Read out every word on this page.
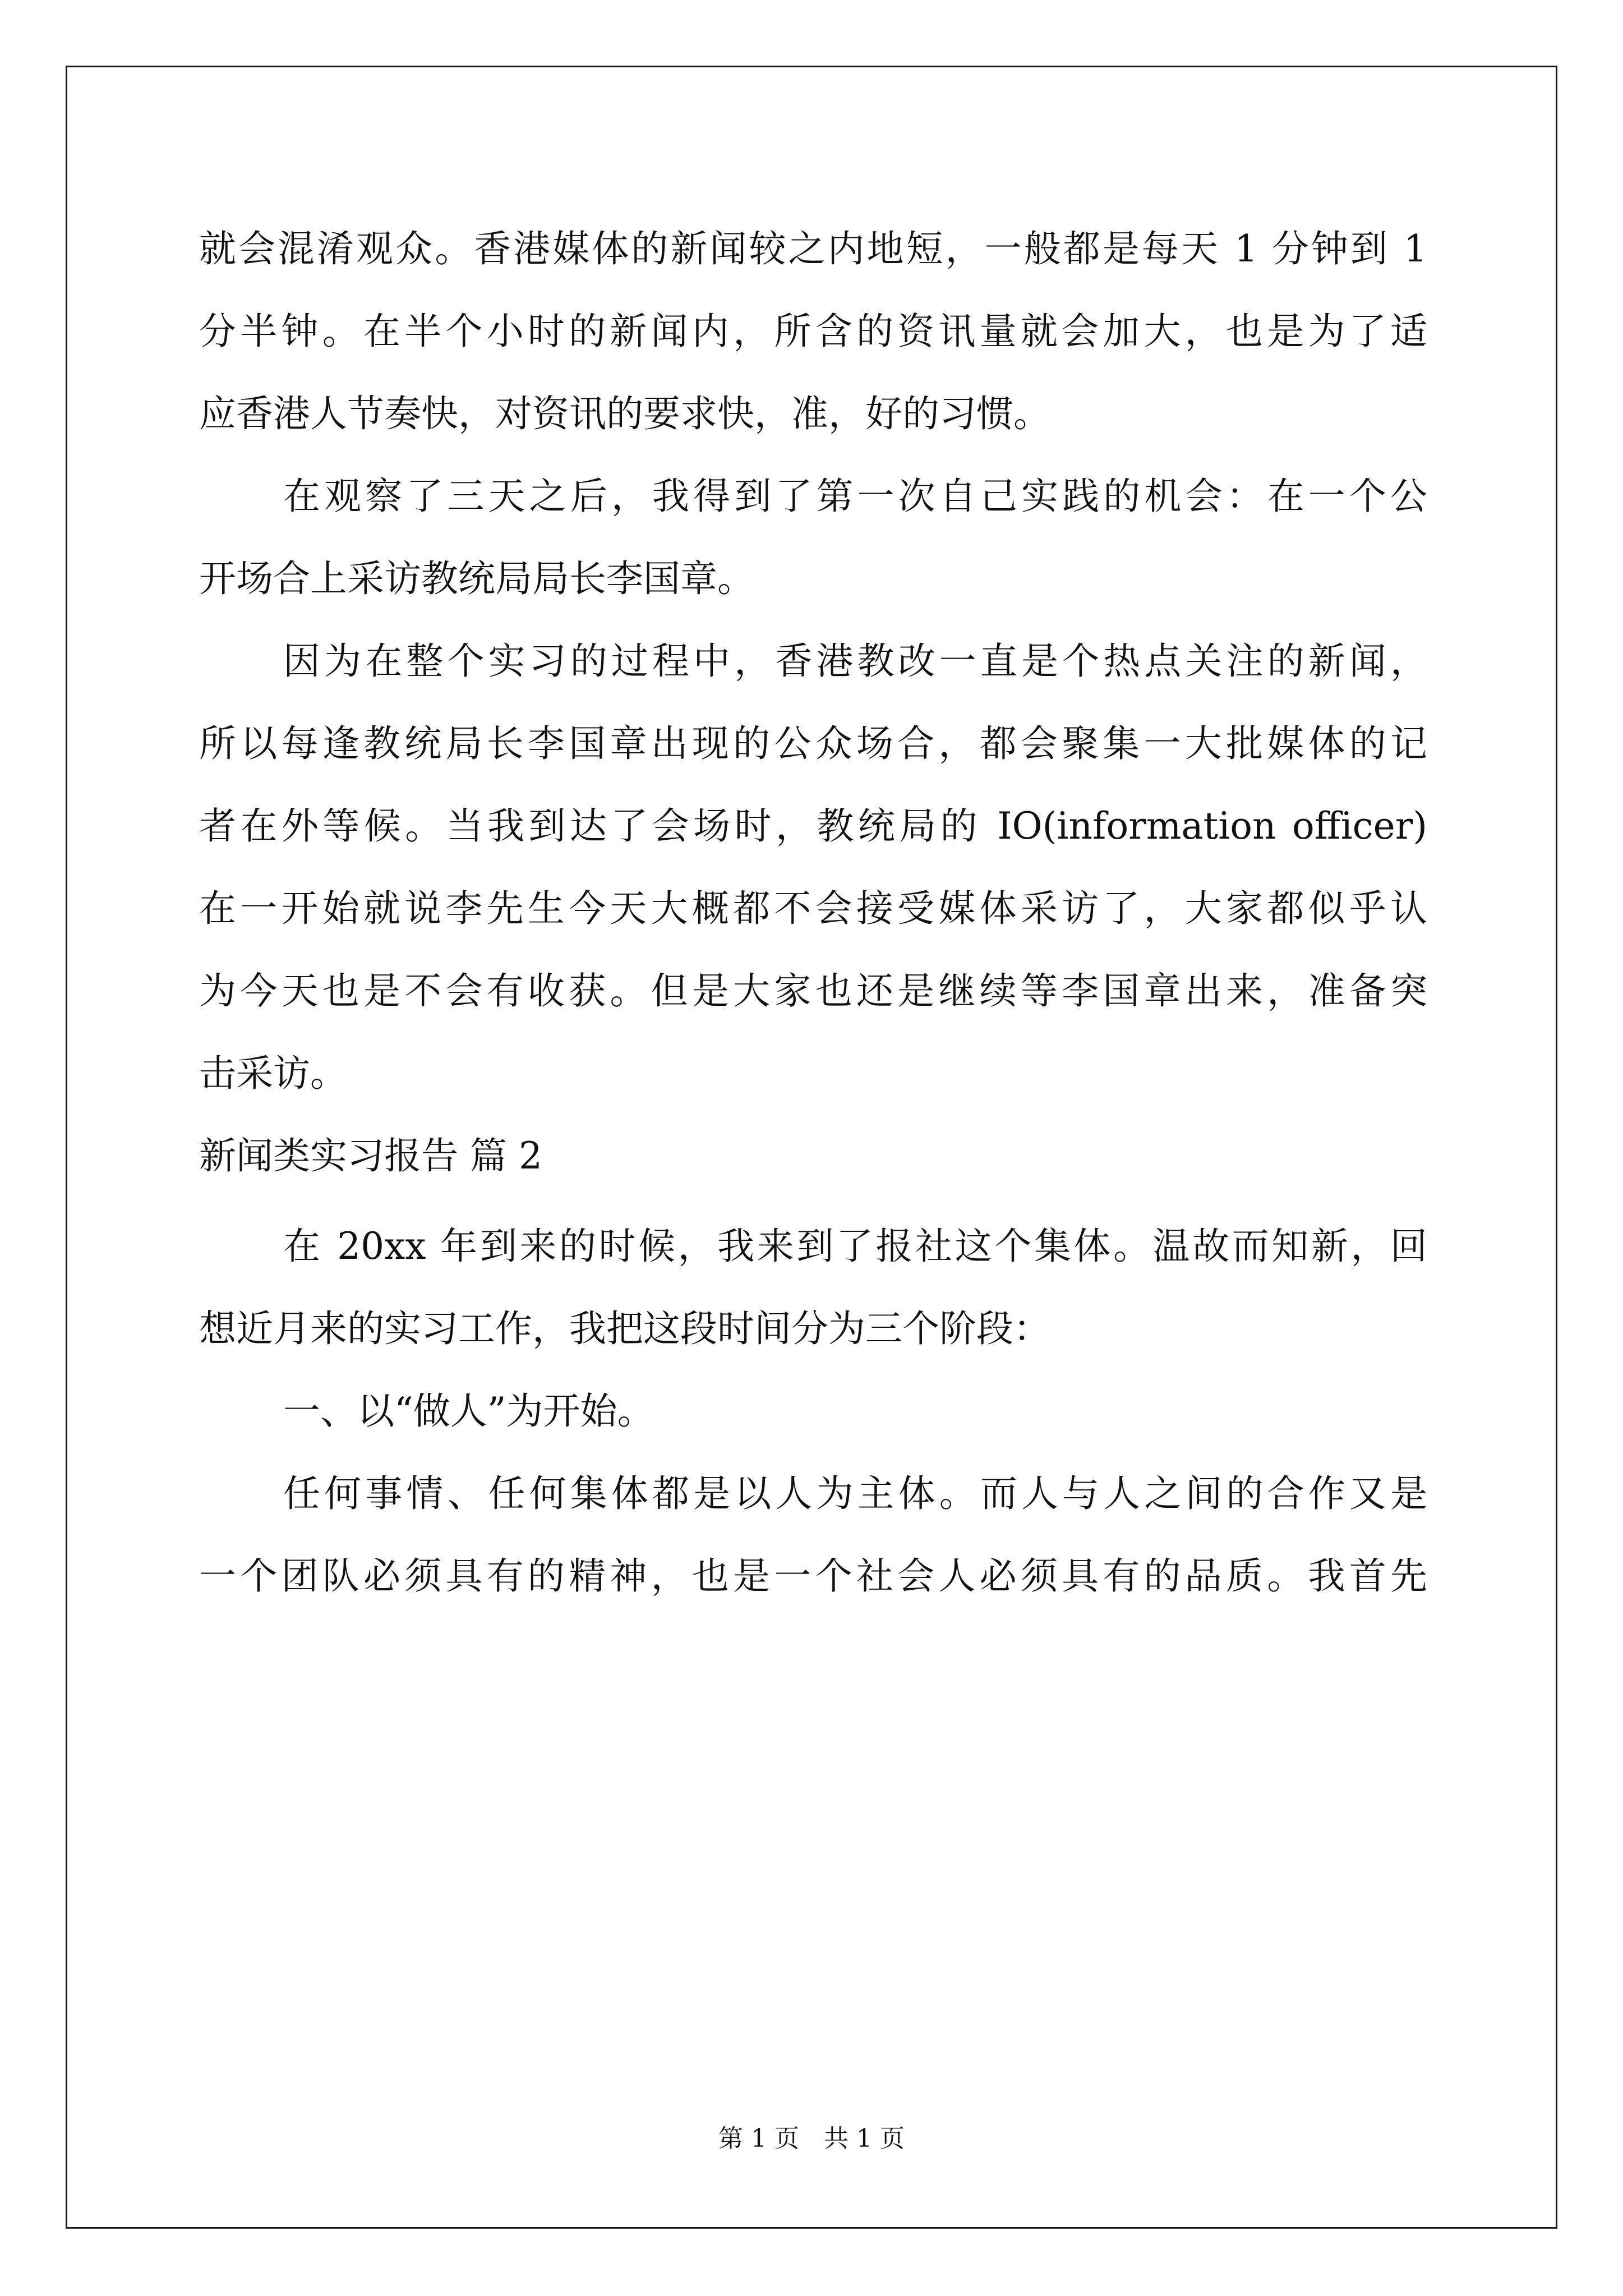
就会混淆观众。香港媒体的新闻较之内地短，一般都是每天 1 分钟到 1
分半钟。在半个小时的新闻内，所含的资讯量就会加大，也是为了适
应香港人节奏快，对资讯的要求快，准，好的习惯。
在观察了三天之后，我得到了第一次自己实践的机会：在一个公
开场合上采访教统局局长李国章。
因为在整个实习的过程中，香港教改一直是个热点关注的新闻，
所以每逢教统局长李国章出现的公众场合，都会聚集一大批媒体的记
者在外等候。当我到达了会场时，教统局的 IO(information officer)
在一开始就说李先生今天大概都不会接受媒体采访了，大家都似乎认
为今天也是不会有收获。但是大家也还是继续等李国章出来，准备突
击采访。
新闻类实习报告 篇 2
在 20xx 年到来的时候，我来到了报社这个集体。温故而知新，回
想近月来的实习工作，我把这段时间分为三个阶段：
一、以“做人”为开始。
任何事情、任何集体都是以人为主体。而人与人之间的合作又是
一个团队必须具有的精神，也是一个社会人必须具有的品质。我首先
第 1 页　共 1 页
